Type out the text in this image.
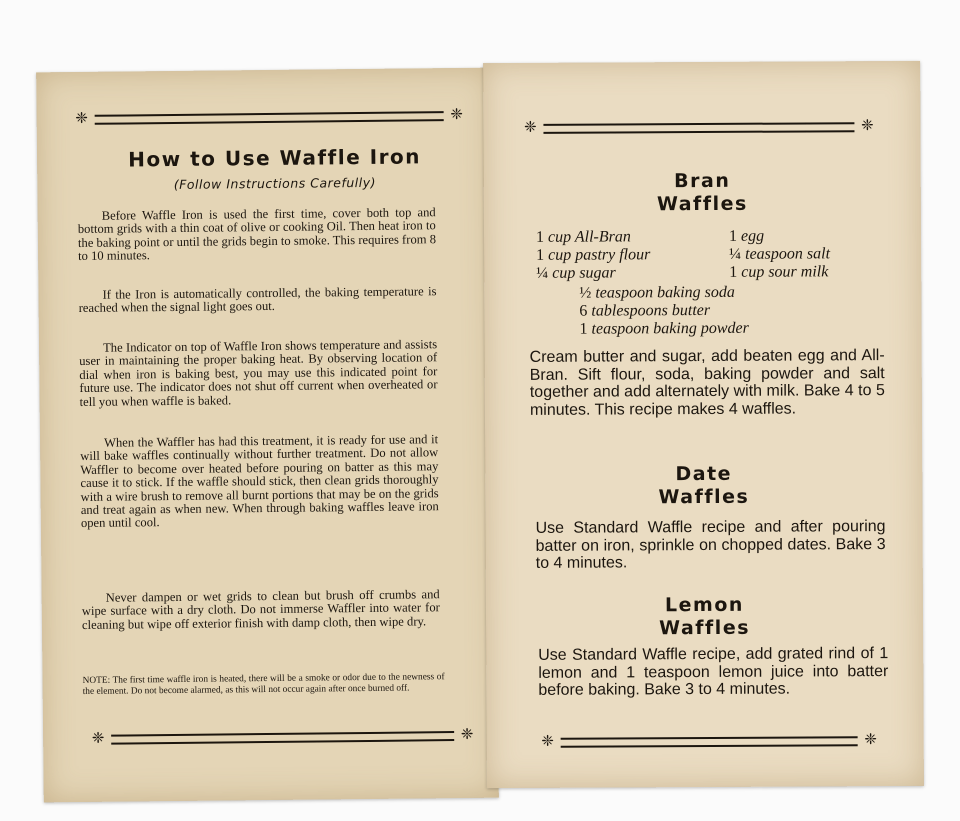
❈	❈
How to Use Waffle Iron
(Follow Instructions Carefully)

Before Waffle Iron is used the first time, cover both top and bottom grids with a thin coat of olive or cooking Oil. Then heat iron to the baking point or until the grids begin to smoke. This requires from 8 to 10 minutes.

If the Iron is automatically controlled, the baking temperature is reached when the signal light goes out.

The Indicator on top of Waffle Iron shows temperature and assists user in maintaining the proper baking heat. By observing location of dial when iron is baking best, you may use this indicated point for future use. The indicator does not shut off current when overheated or tell you when waffle is baked.

When the Waffler has had this treatment, it is ready for use and it will bake waffles continually without further treatment. Do not allow Waffler to become over heated before pouring on batter as this may cause it to stick. If the waffle should stick, then clean grids thoroughly with a wire brush to remove all burnt portions that may be on the grids and treat again as when new. When through baking waffles leave iron open until cool.

Never dampen or wet grids to clean but brush off crumbs and wipe surface with a dry cloth. Do not immerse Waffler into water for cleaning but wipe off exterior finish with damp cloth, then wipe dry.

NOTE: The first time waffle iron is heated, there will be a smoke or odor due to the newness of the element. Do not become alarmed, as this will not occur again after once burned off.

❈	❈
❈	❈
Bran
Waffles
1 cup All-Bran
1 cup pastry flour
¼ cup sugar
1 egg
¼ teaspoon salt
1 cup sour milk
½ teaspoon baking soda
6 tablespoons butter
1 teaspoon baking powder

Cream butter and sugar, add beaten egg and All-Bran. Sift flour, soda, baking powder and salt together and add alternately with milk. Bake 4 to 5 minutes. This recipe makes 4 waffles.

Date
Waffles

Use Standard Waffle recipe and after pouring batter on iron, sprinkle on chopped dates. Bake 3 to 4 minutes.

Lemon
Waffles

Use Standard Waffle recipe, add grated rind of 1 lemon and 1 teaspoon lemon juice into batter before baking. Bake 3 to 4 minutes.

❈	❈
